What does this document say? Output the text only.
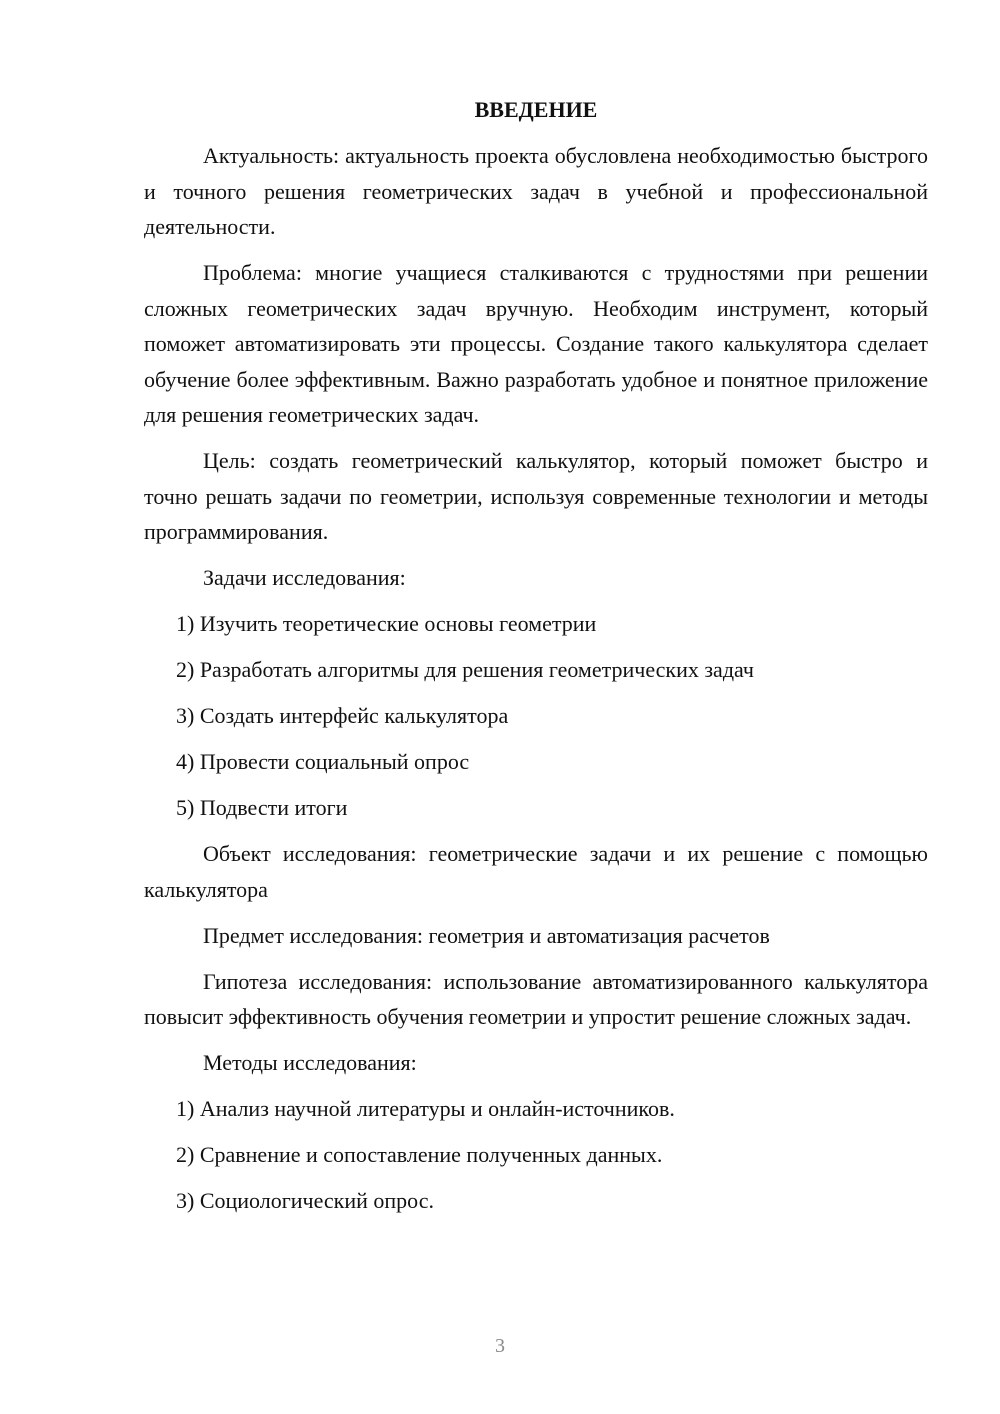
ВВЕДЕНИЕ

Актуальность: актуальность проекта обусловлена необходимостью быстрого и точного решения геометрических задач в учебной и профессиональной деятельности.

Проблема: многие учащиеся сталкиваются с трудностями при решении сложных геометрических задач вручную. Необходим инструмент, который поможет автоматизировать эти процессы. Создание такого калькулятора сделает обучение более эффективным. Важно разработать удобное и понятное приложение для решения геометрических задач.

Цель: создать геометрический калькулятор, который поможет быстро и точно решать задачи по геометрии, используя современные технологии и методы программирования.

Задачи исследования:

1) Изучить теоретические основы геометрии
2) Разработать алгоритмы для решения геометрических задач
3) Создать интерфейс калькулятора
4) Провести социальный опрос
5) Подвести итоги

Объект исследования: геометрические задачи и их решение с помощью калькулятора

Предмет исследования: геометрия и автоматизация расчетов

Гипотеза исследования: использование автоматизированного калькулятора повысит эффективность обучения геометрии и упростит решение сложных задач.

Методы исследования:

1) Анализ научной литературы и онлайн-источников.
2) Сравнение и сопоставление полученных данных.
3) Социологический опрос.
3
